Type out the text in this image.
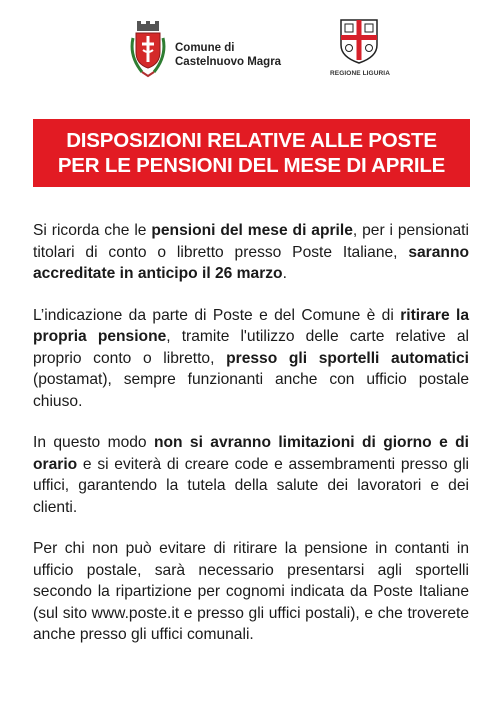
Comune di
Castelnuovo Magra
REGIONE LIGURIA
DISPOSIZIONI RELATIVE ALLE POSTE
PER LE PENSIONI DEL MESE DI APRILE

Si ricorda che le pensioni del mese di aprile, per i pensionati titolari di conto o libretto presso Poste Italiane, saranno accreditate in anticipo il 26 marzo.

L’indicazione da parte di Poste e del Comune è di ritirare la propria pensione, tramite l'utilizzo delle carte relative al proprio conto o libretto, presso gli sportelli automatici (postamat), sempre funzionanti anche con ufficio postale chiuso.

In questo modo non si avranno limitazioni di giorno e di orario e si eviterà di creare code e assembramenti presso gli uffici, garantendo la tutela della salute dei lavoratori e dei clienti.

Per chi non può evitare di ritirare la pensione in contanti in ufficio postale, sarà necessario presentarsi agli sportelli secondo la ripartizione per cognomi indicata da Poste Italiane (sul sito www.poste.it e presso gli uffici postali), e che troverete anche presso gli uffici comunali.
